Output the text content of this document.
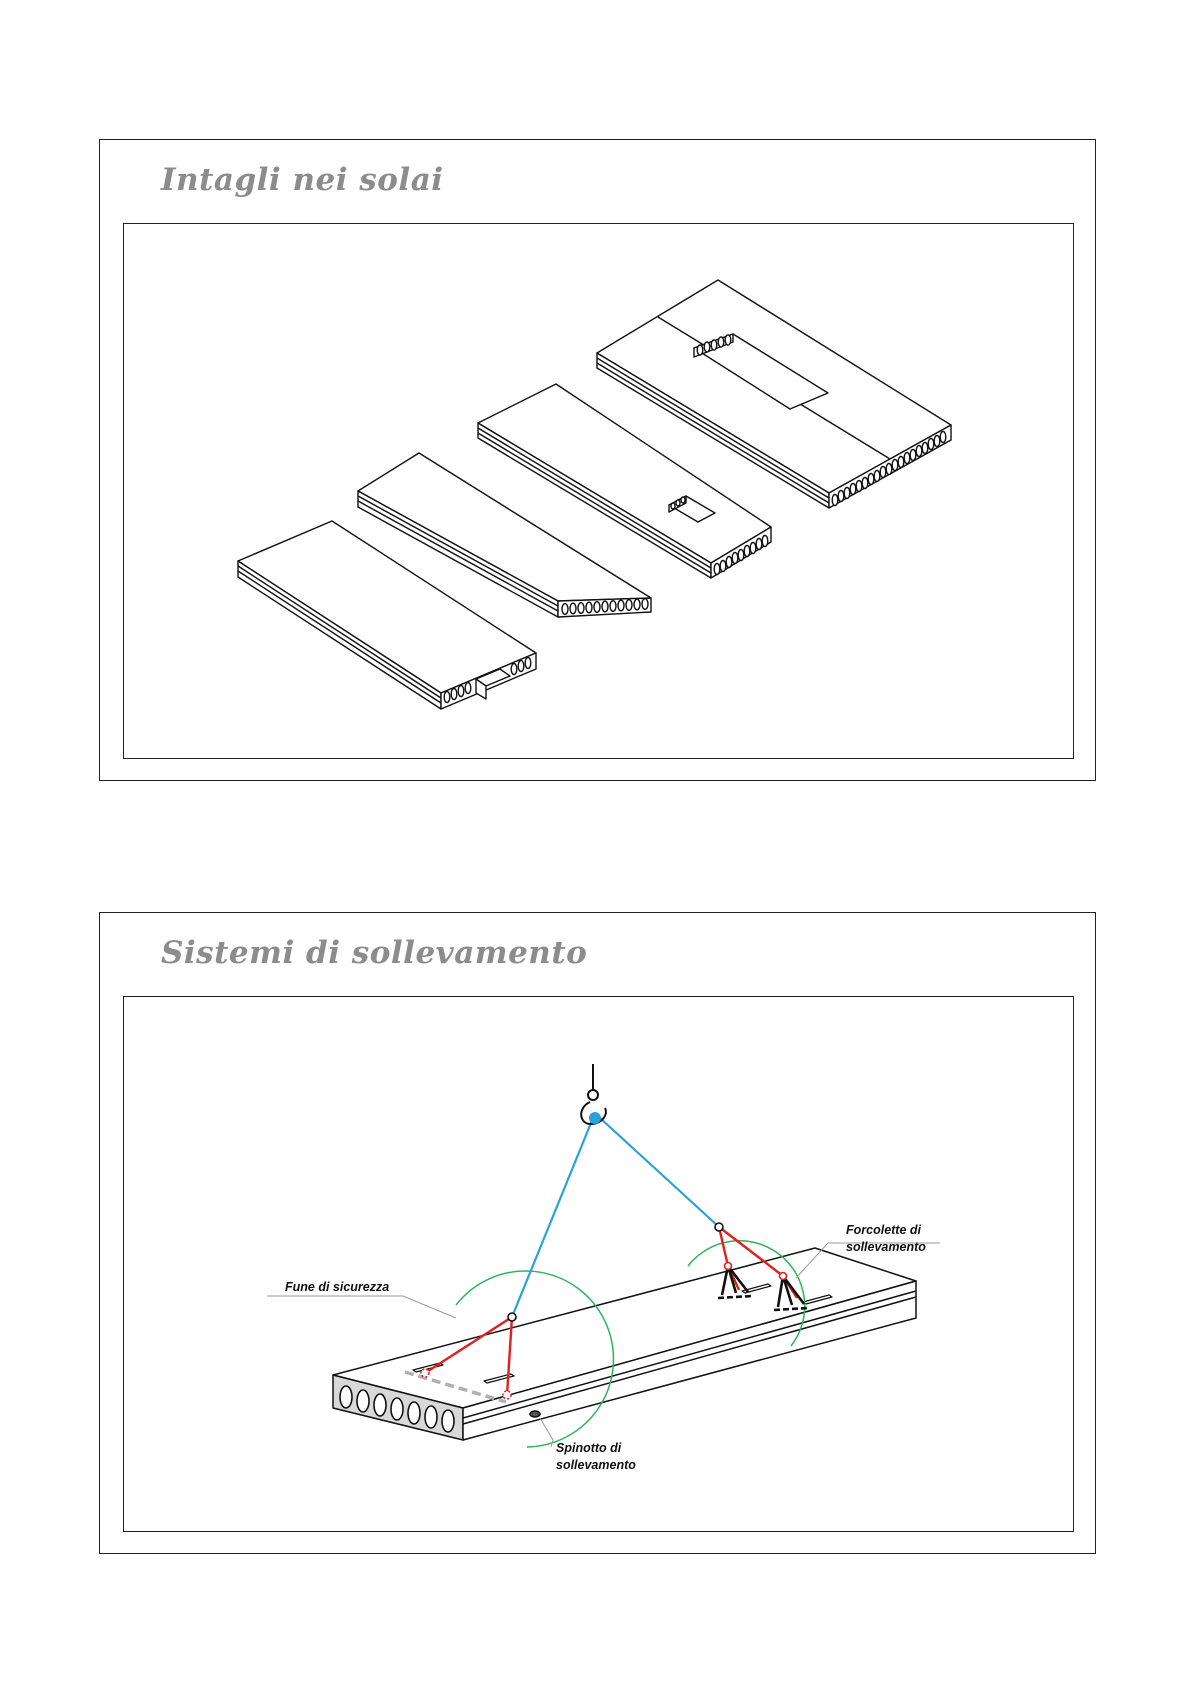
Intagli nei solai
Sistemi di sollevamento
Fune di sicurezza
Forcolette di
sollevamento
Spinotto di
sollevamento
